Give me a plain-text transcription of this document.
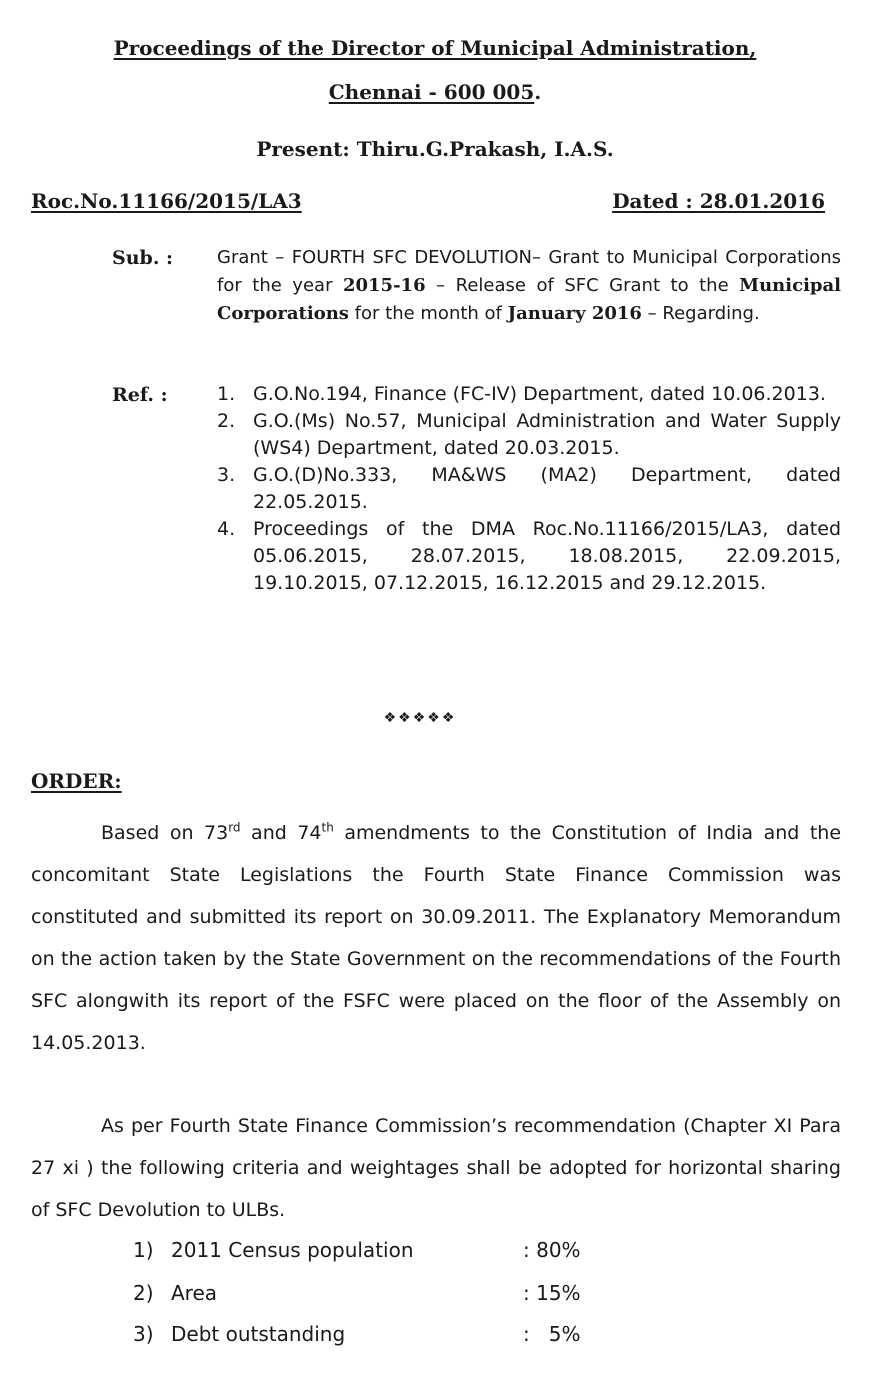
Proceedings of the Director of Municipal Administration,
Chennai - 600 005.
Present: Thiru.G.Prakash, I.A.S.
Roc.No.11166/2015/LA3	Dated : 28.01.2016
Sub. : Grant – FOURTH SFC DEVOLUTION– Grant to Municipal Corporations for the year 2015-16 – Release of SFC Grant to the Municipal Corporations for the month of January 2016 – Regarding.
Ref. :	1. G.O.No.194, Finance (FC-IV) Department, dated 10.06.2013.
2. G.O.(Ms) No.57, Municipal Administration and Water Supply (WS4) Department, dated 20.03.2015.
3. G.O.(D)No.333, MA&WS (MA2) Department, dated 22.05.2015.
4. Proceedings of the DMA Roc.No.11166/2015/LA3, dated 05.06.2015, 28.07.2015, 18.08.2015, 22.09.2015, 19.10.2015, 07.12.2015, 16.12.2015 and 29.12.2015.
❖❖❖❖❖
ORDER:
Based on 73rd and 74th amendments to the Constitution of India and the concomitant State Legislations the Fourth State Finance Commission was constituted and submitted its report on 30.09.2011. The Explanatory Memorandum on the action taken by the State Government on the recommendations of the Fourth SFC alongwith its report of the FSFC were placed on the floor of the Assembly on 14.05.2013.
As per Fourth State Finance Commission’s recommendation (Chapter XI Para 27 xi ) the following criteria and weightages shall be adopted for horizontal sharing of SFC Devolution to ULBs.
1) 2011 Census population	: 80%
2) Area	: 15%
3) Debt outstanding	:   5%
